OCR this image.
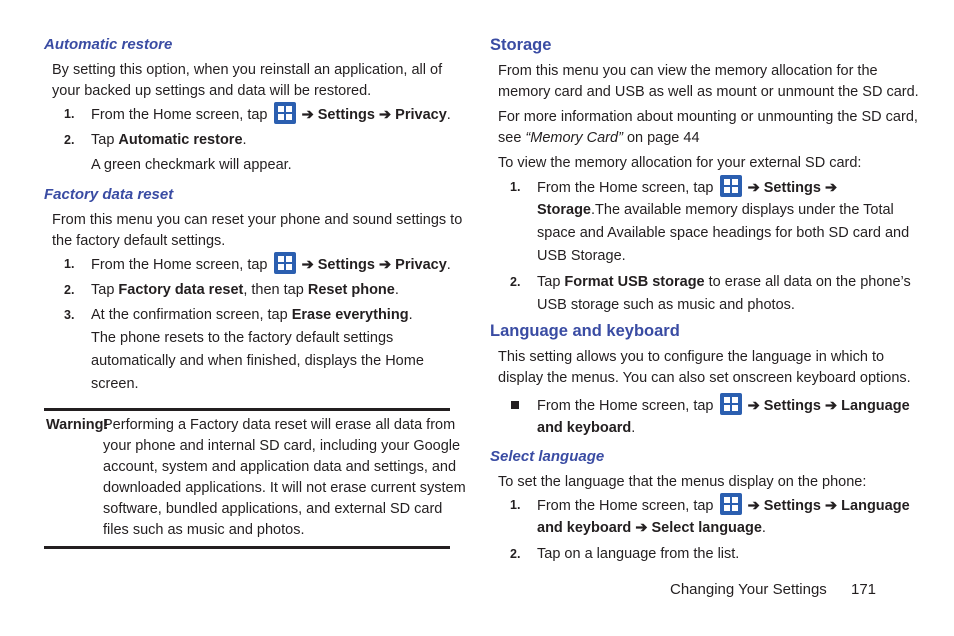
Automatic restore
By setting this option, when you reinstall an application, all of
your backed up settings and data will be restored.
1. From the Home screen, tap ➔ Settings ➔ Privacy.
2. Tap Automatic restore.
A green checkmark will appear.
Factory data reset
From this menu you can reset your phone and sound settings to
the factory default settings.
1. From the Home screen, tap ➔ Settings ➔ Privacy.
2. Tap Factory data reset, then tap Reset phone.
3. At the confirmation screen, tap Erase everything.
The phone resets to the factory default settings
automatically and when finished, displays the Home
screen.
Warning!
Performing a Factory data reset will erase all data from
your phone and internal SD card, including your Google
account, system and application data and settings, and
downloaded applications. It will not erase current system
software, bundled applications, and external SD card
files such as music and photos.
Storage
From this menu you can view the memory allocation for the
memory card and USB as well as mount or unmount the SD card.
For more information about mounting or unmounting the SD card,
see “Memory Card” on page 44
To view the memory allocation for your external SD card:
1. From the Home screen, tap ➔ Settings ➔
Storage.The available memory displays under the Total
space and Available space headings for both SD card and
USB Storage.
2. Tap Format USB storage to erase all data on the phone’s
USB storage such as music and photos.
Language and keyboard
This setting allows you to configure the language in which to
display the menus. You can also set onscreen keyboard options.
From the Home screen, tap ➔ Settings ➔ Language
and keyboard.
Select language
To set the language that the menus display on the phone:
1. From the Home screen, tap ➔ Settings ➔ Language
and keyboard ➔ Select language.
2. Tap on a language from the list.
Changing Your Settings 171
